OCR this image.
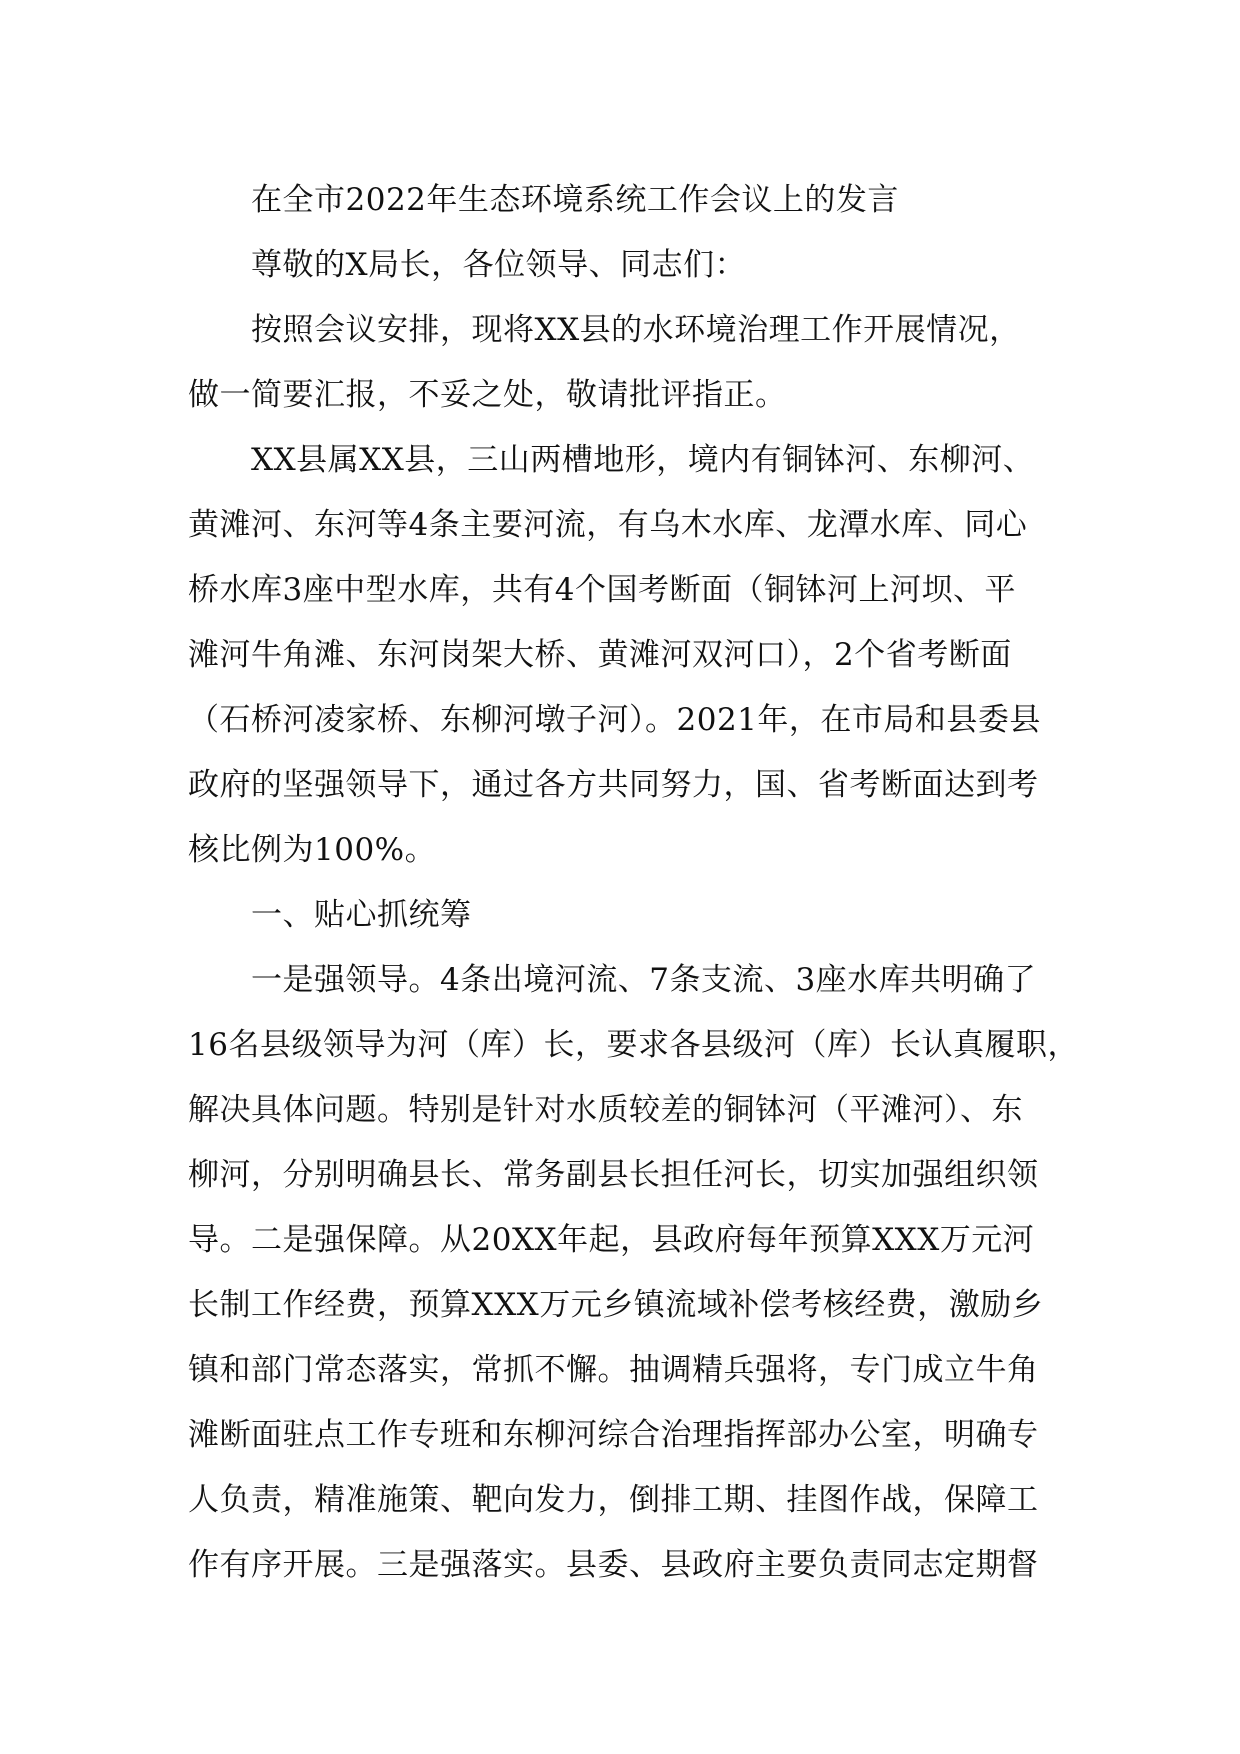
在全市2022年生态环境系统工作会议上的发言
尊敬的X局长，各位领导、同志们：
按照会议安排，现将XX县的水环境治理工作开展情况，
做一简要汇报，不妥之处，敬请批评指正。
XX县属XX县，三山两槽地形，境内有铜钵河、东柳河、
黄滩河、东河等4条主要河流，有乌木水库、龙潭水库、同心
桥水库3座中型水库，共有4个国考断面（铜钵河上河坝、平
滩河牛角滩、东河岗架大桥、黄滩河双河口），2个省考断面
（石桥河凌家桥、东柳河墩子河）。2021年，在市局和县委县
政府的坚强领导下，通过各方共同努力，国、省考断面达到考
核比例为100%。
一、贴心抓统筹
一是强领导。4条出境河流、7条支流、3座水库共明确了
16名县级领导为河（库）长，要求各县级河（库）长认真履职，
解决具体问题。特别是针对水质较差的铜钵河（平滩河）、东
柳河，分别明确县长、常务副县长担任河长，切实加强组织领
导。二是强保障。从20XX年起，县政府每年预算XXX万元河
长制工作经费，预算XXX万元乡镇流域补偿考核经费，激励乡
镇和部门常态落实，常抓不懈。抽调精兵强将，专门成立牛角
滩断面驻点工作专班和东柳河综合治理指挥部办公室，明确专
人负责，精准施策、靶向发力，倒排工期、挂图作战，保障工
作有序开展。三是强落实。县委、县政府主要负责同志定期督
